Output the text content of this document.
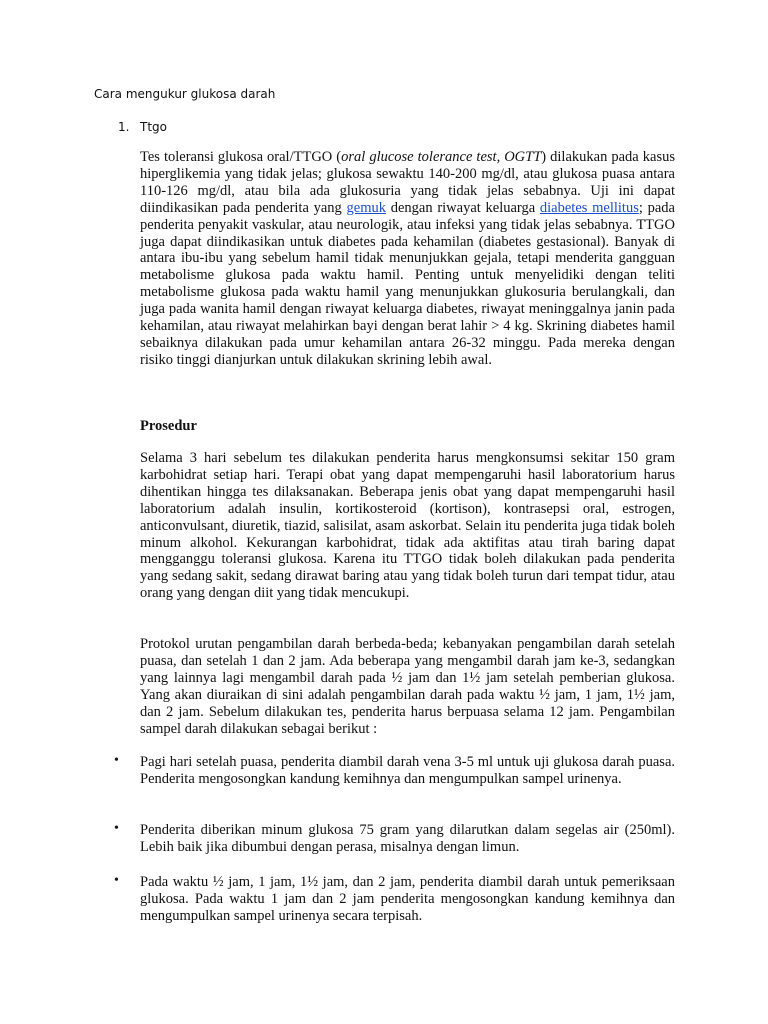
Cara mengukur glukosa darah
1. Ttgo

Tes toleransi glukosa oral/TTGO (oral glucose tolerance test, OGTT) dilakukan pada kasus hiperglikemia yang tidak jelas; glukosa sewaktu 140-200 mg/dl, atau glukosa puasa antara 110-126 mg/dl, atau bila ada glukosuria yang tidak jelas sebabnya. Uji ini dapat diindikasikan pada penderita yang gemuk dengan riwayat keluarga diabetes mellitus; pada penderita penyakit vaskular, atau neurologik, atau infeksi yang tidak jelas sebabnya. TTGO juga dapat diindikasikan untuk diabetes pada kehamilan (diabetes gestasional). Banyak di antara ibu-ibu yang sebelum hamil tidak menunjukkan gejala, tetapi menderita gangguan metabolisme glukosa pada waktu hamil. Penting untuk menyelidiki dengan teliti metabolisme glukosa pada waktu hamil yang menunjukkan glukosuria berulangkali, dan juga pada wanita hamil dengan riwayat keluarga diabetes, riwayat meninggalnya janin pada kehamilan, atau riwayat melahirkan bayi dengan berat lahir > 4 kg. Skrining diabetes hamil sebaiknya dilakukan pada umur kehamilan antara 26-32 minggu. Pada mereka dengan risiko tinggi dianjurkan untuk dilakukan skrining lebih awal.

Prosedur

Selama 3 hari sebelum tes dilakukan penderita harus mengkonsumsi sekitar 150 gram karbohidrat setiap hari. Terapi obat yang dapat mempengaruhi hasil laboratorium harus dihentikan hingga tes dilaksanakan. Beberapa jenis obat yang dapat mempengaruhi hasil laboratorium adalah insulin, kortikosteroid (kortison), kontrasepsi oral, estrogen, anticonvulsant, diuretik, tiazid, salisilat, asam askorbat. Selain itu penderita juga tidak boleh minum alkohol. Kekurangan karbohidrat, tidak ada aktifitas atau tirah baring dapat mengganggu toleransi glukosa. Karena itu TTGO tidak boleh dilakukan pada penderita yang sedang sakit, sedang dirawat baring atau yang tidak boleh turun dari tempat tidur, atau orang yang dengan diit yang tidak mencukupi.

Protokol urutan pengambilan darah berbeda-beda; kebanyakan pengambilan darah setelah puasa, dan setelah 1 dan 2 jam. Ada beberapa yang mengambil darah jam ke-3, sedangkan yang lainnya lagi mengambil darah pada ½ jam dan 1½ jam setelah pemberian glukosa. Yang akan diuraikan di sini adalah pengambilan darah pada waktu ½ jam, 1 jam, 1½ jam, dan 2 jam. Sebelum dilakukan tes, penderita harus berpuasa selama 12 jam. Pengambilan sampel darah dilakukan sebagai berikut :

• Pagi hari setelah puasa, penderita diambil darah vena 3-5 ml untuk uji glukosa darah puasa. Penderita mengosongkan kandung kemihnya dan mengumpulkan sampel urinenya.

• Penderita diberikan minum glukosa 75 gram yang dilarutkan dalam segelas air (250ml). Lebih baik jika dibumbui dengan perasa, misalnya dengan limun.

• Pada waktu ½ jam, 1 jam, 1½ jam, dan 2 jam, penderita diambil darah untuk pemeriksaan glukosa. Pada waktu 1 jam dan 2 jam penderita mengosongkan kandung kemihnya dan mengumpulkan sampel urinenya secara terpisah.
